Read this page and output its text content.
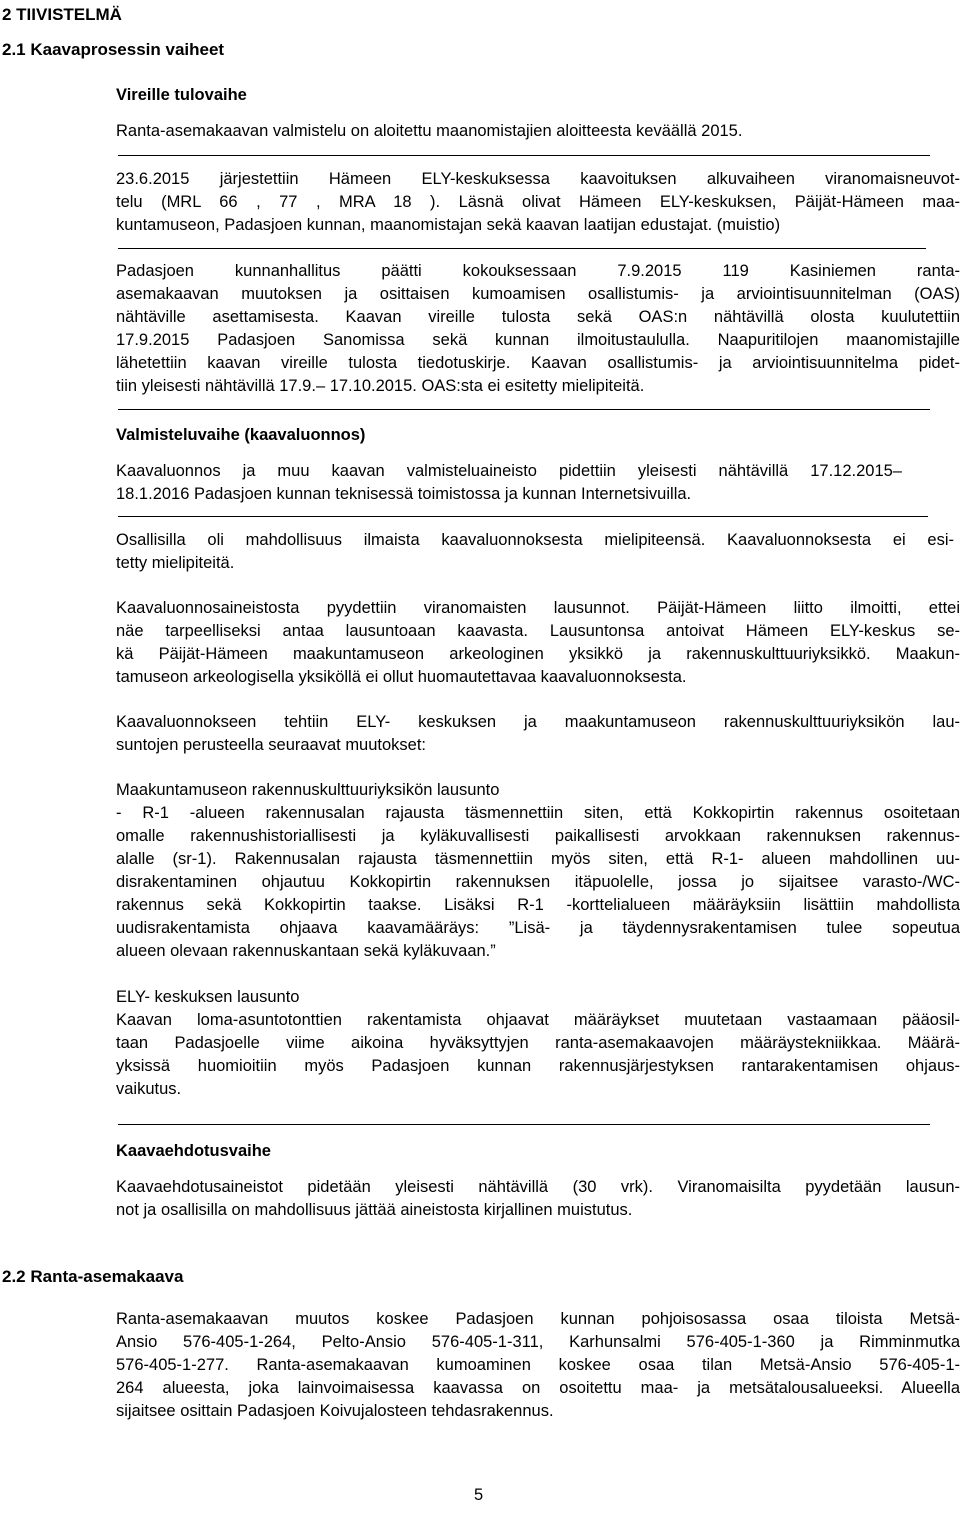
2 TIIVISTELMÄ
2.1 Kaavaprosessin vaiheet
Vireille tulovaihe
Ranta-asemakaavan valmistelu on aloitettu maanomistajien aloitteesta keväällä 2015.
23.6.2015 järjestettiin Hämeen ELY-keskuksessa kaavoituksen alkuvaiheen viranomaisneuvot-
telu (MRL 66 , 77 , MRA 18 ). Läsnä olivat Hämeen ELY-keskuksen, Päijät-Hämeen maa-
kuntamuseon, Padasjoen kunnan, maanomistajan sekä kaavan laatijan edustajat. (muistio)
Padasjoen kunnanhallitus päätti kokouksessaan 7.9.2015 119 Kasiniemen ranta-
asemakaavan muutoksen ja osittaisen kumoamisen osallistumis- ja arviointisuunnitelman (OAS)
nähtäville asettamisesta. Kaavan vireille tulosta sekä OAS:n nähtävillä olosta kuulutettiin
17.9.2015 Padasjoen Sanomissa sekä kunnan ilmoitustaululla. Naapuritilojen maanomistajille
lähetettiin kaavan vireille tulosta tiedotuskirje. Kaavan osallistumis- ja arviointisuunnitelma pidet-
tiin yleisesti nähtävillä 17.9.– 17.10.2015. OAS:sta ei esitetty mielipiteitä.
Valmisteluvaihe (kaavaluonnos)
Kaavaluonnos ja muu kaavan valmisteluaineisto pidettiin yleisesti nähtävillä 17.12.2015–
18.1.2016 Padasjoen kunnan teknisessä toimistossa ja kunnan Internetsivuilla.
Osallisilla oli mahdollisuus ilmaista kaavaluonnoksesta mielipiteensä. Kaavaluonnoksesta ei esi-
tetty mielipiteitä.
Kaavaluonnosaineistosta pyydettiin viranomaisten lausunnot. Päijät-Hämeen liitto ilmoitti, ettei
näe tarpeelliseksi antaa lausuntoaan kaavasta. Lausuntonsa antoivat Hämeen ELY-keskus se-
kä Päijät-Hämeen maakuntamuseon arkeologinen yksikkö ja rakennuskulttuuriyksikkö. Maakun-
tamuseon arkeologisella yksiköllä ei ollut huomautettavaa kaavaluonnoksesta.
Kaavaluonnokseen tehtiin ELY- keskuksen ja maakuntamuseon rakennuskulttuuriyksikön lau-
suntojen perusteella seuraavat muutokset:
Maakuntamuseon rakennuskulttuuriyksikön lausunto
- R-1 -alueen rakennusalan rajausta täsmennettiin siten, että Kokkopirtin rakennus osoitetaan
omalle rakennushistoriallisesti ja kyläkuvallisesti paikallisesti arvokkaan rakennuksen rakennus-
alalle (sr-1). Rakennusalan rajausta täsmennettiin myös siten, että R-1- alueen mahdollinen uu-
disrakentaminen ohjautuu Kokkopirtin rakennuksen itäpuolelle, jossa jo sijaitsee varasto-/WC-
rakennus sekä Kokkopirtin taakse. Lisäksi R-1 -korttelialueen määräyksiin lisättiin mahdollista
uudisrakentamista ohjaava kaavamääräys: ”Lisä- ja täydennysrakentamisen tulee sopeutua
alueen olevaan rakennuskantaan sekä kyläkuvaan.”
ELY- keskuksen lausunto
Kaavan loma-asuntotonttien rakentamista ohjaavat määräykset muutetaan vastaamaan pääosil-
taan Padasjoelle viime aikoina hyväksyttyjen ranta-asemakaavojen määräystekniikkaa. Määrä-
yksissä huomioitiin myös Padasjoen kunnan rakennusjärjestyksen rantarakentamisen ohjaus-
vaikutus.
Kaavaehdotusvaihe
Kaavaehdotusaineistot pidetään yleisesti nähtävillä (30 vrk). Viranomaisilta pyydetään lausun-
not ja osallisilla on mahdollisuus jättää aineistosta kirjallinen muistutus.
2.2 Ranta-asemakaava
Ranta-asemakaavan muutos koskee Padasjoen kunnan pohjoisosassa osaa tiloista Metsä-
Ansio 576-405-1-264, Pelto-Ansio 576-405-1-311, Karhunsalmi 576-405-1-360 ja Rimminmutka
576-405-1-277. Ranta-asemakaavan kumoaminen koskee osaa tilan Metsä-Ansio 576-405-1-
264 alueesta, joka lainvoimaisessa kaavassa on osoitettu maa- ja metsätalousalueeksi. Alueella
sijaitsee osittain Padasjoen Koivujalosteen tehdasrakennus.
5
